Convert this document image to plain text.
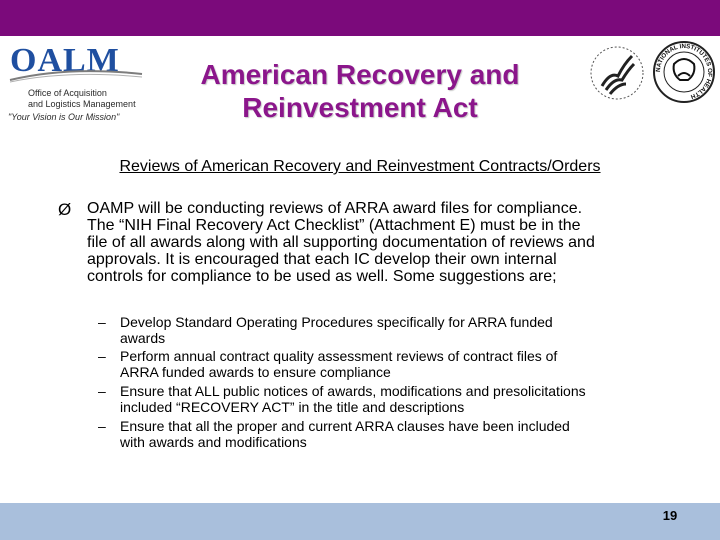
OALM
Office of Acquisition
and Logistics Management
"Your Vision is Our Mission"
American Recovery and
Reinvestment Act
NATIONAL INSTITUTES OF HEALTH
Reviews of American Recovery and Reinvestment Contracts/Orders
Ø OAMP will be conducting reviews of ARRA award files for compliance.
The “NIH Final Recovery Act Checklist” (Attachment E) must be in the
file of all awards along with all supporting documentation of reviews and
approvals. It is encouraged that each IC develop their own internal
controls for compliance to be used as well. Some suggestions are;
– Develop Standard Operating Procedures specifically for ARRA funded
awards
– Perform annual contract quality assessment reviews of contract files of
ARRA funded awards to ensure compliance
– Ensure that ALL public notices of awards, modifications and presolicitations
included “RECOVERY ACT” in the title and descriptions
– Ensure that all the proper and current ARRA clauses have been included
with awards and modifications
19
